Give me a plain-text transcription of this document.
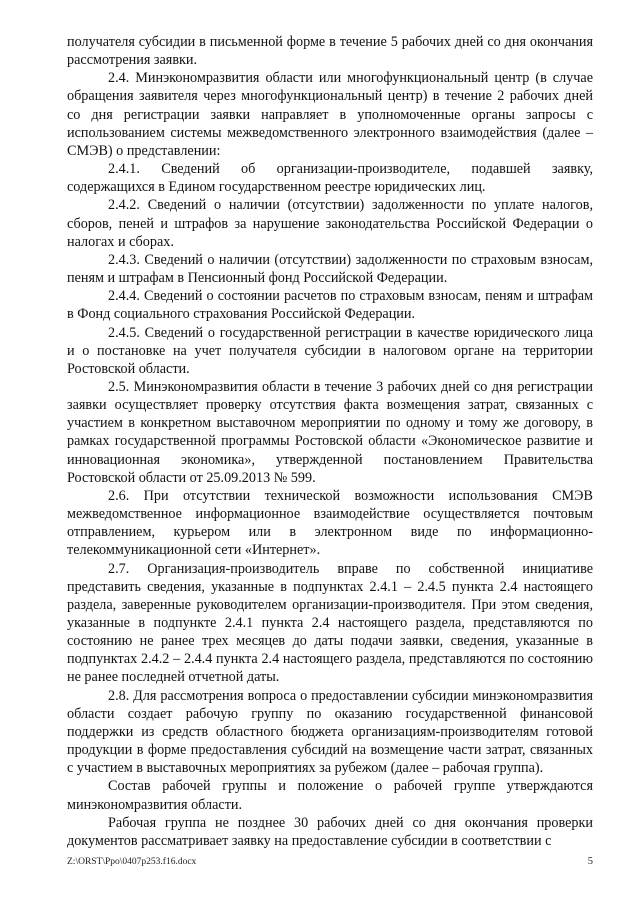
получателя субсидии в письменной форме в течение 5 рабочих дней со дня окончания рассмотрения заявки.

2.4. Минэкономразвития области или многофункциональный центр (в случае обращения заявителя через многофункциональный центр) в течение 2 рабочих дней со дня регистрации заявки направляет в уполномоченные органы запросы с использованием системы межведомственного электронного взаимодействия (далее – СМЭВ) о представлении:

2.4.1. Сведений об организации-производителе, подавшей заявку, содержащихся в Едином государственном реестре юридических лиц.

2.4.2. Сведений о наличии (отсутствии) задолженности по уплате налогов, сборов, пеней и штрафов за нарушение законодательства Российской Федерации о налогах и сборах.

2.4.3. Сведений о наличии (отсутствии) задолженности по страховым взносам, пеням и штрафам в Пенсионный фонд Российской Федерации.

2.4.4. Сведений о состоянии расчетов по страховым взносам, пеням и штрафам в Фонд социального страхования Российской Федерации.

2.4.5. Сведений о государственной регистрации в качестве юридического лица и о постановке на учет получателя субсидии в налоговом органе на территории Ростовской области.

2.5. Минэкономразвития области в течение 3 рабочих дней со дня регистрации заявки осуществляет проверку отсутствия факта возмещения затрат, связанных с участием в конкретном выставочном мероприятии по одному и тому же договору, в рамках государственной программы Ростовской области «Экономическое развитие и инновационная экономика», утвержденной постановлением Правительства Ростовской области от 25.09.2013 № 599.

2.6. При отсутствии технической возможности использования СМЭВ межведомственное информационное взаимодействие осуществляется почтовым отправлением, курьером или в электронном виде по информационно-телекоммуникационной сети «Интернет».

2.7. Организация-производитель вправе по собственной инициативе представить сведения, указанные в подпунктах 2.4.1 – 2.4.5 пункта 2.4 настоящего раздела, заверенные руководителем организации-производителя. При этом сведения, указанные в подпункте 2.4.1 пункта 2.4 настоящего раздела, представляются по состоянию не ранее трех месяцев до даты подачи заявки, сведения, указанные в подпунктах 2.4.2 – 2.4.4 пункта 2.4 настоящего раздела, представляются по состоянию не ранее последней отчетной даты.

2.8. Для рассмотрения вопроса о предоставлении субсидии минэкономразвития области создает рабочую группу по оказанию государственной финансовой поддержки из средств областного бюджета организациям-производителям готовой продукции в форме предоставления субсидий на возмещение части затрат, связанных с участием в выставочных мероприятиях за рубежом (далее – рабочая группа).

Состав рабочей группы и положение о рабочей группе утверждаются минэкономразвития области.

Рабочая группа не позднее 30 рабочих дней со дня окончания проверки документов рассматривает заявку на предоставление субсидии в соответствии с

Z:\ORST\Ppo\0407p253.f16.docx	5
